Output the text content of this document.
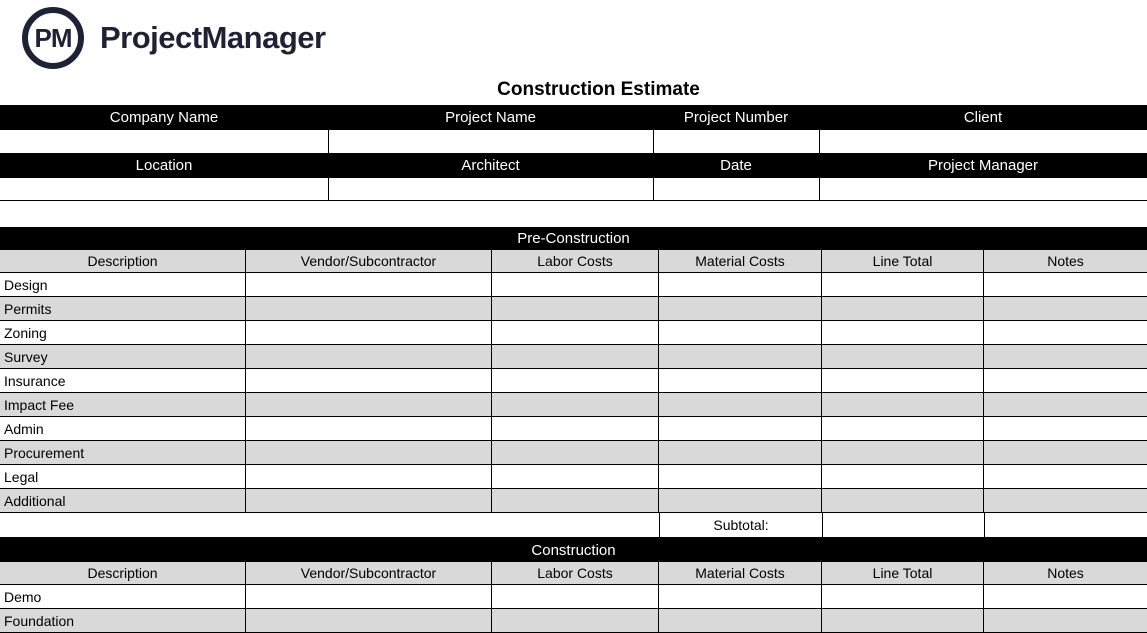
PM ProjectManager
Construction Estimate
Company Name	Project Name	Project Number	Client
Location	Architect	Date	Project Manager
Pre-Construction
Description	Vendor/Subcontractor	Labor Costs	Material Costs	Line Total	Notes
Design
Permits
Zoning
Survey
Insurance
Impact Fee
Admin
Procurement
Legal
Additional
Subtotal:
Construction
Description	Vendor/Subcontractor	Labor Costs	Material Costs	Line Total	Notes
Demo
Foundation
